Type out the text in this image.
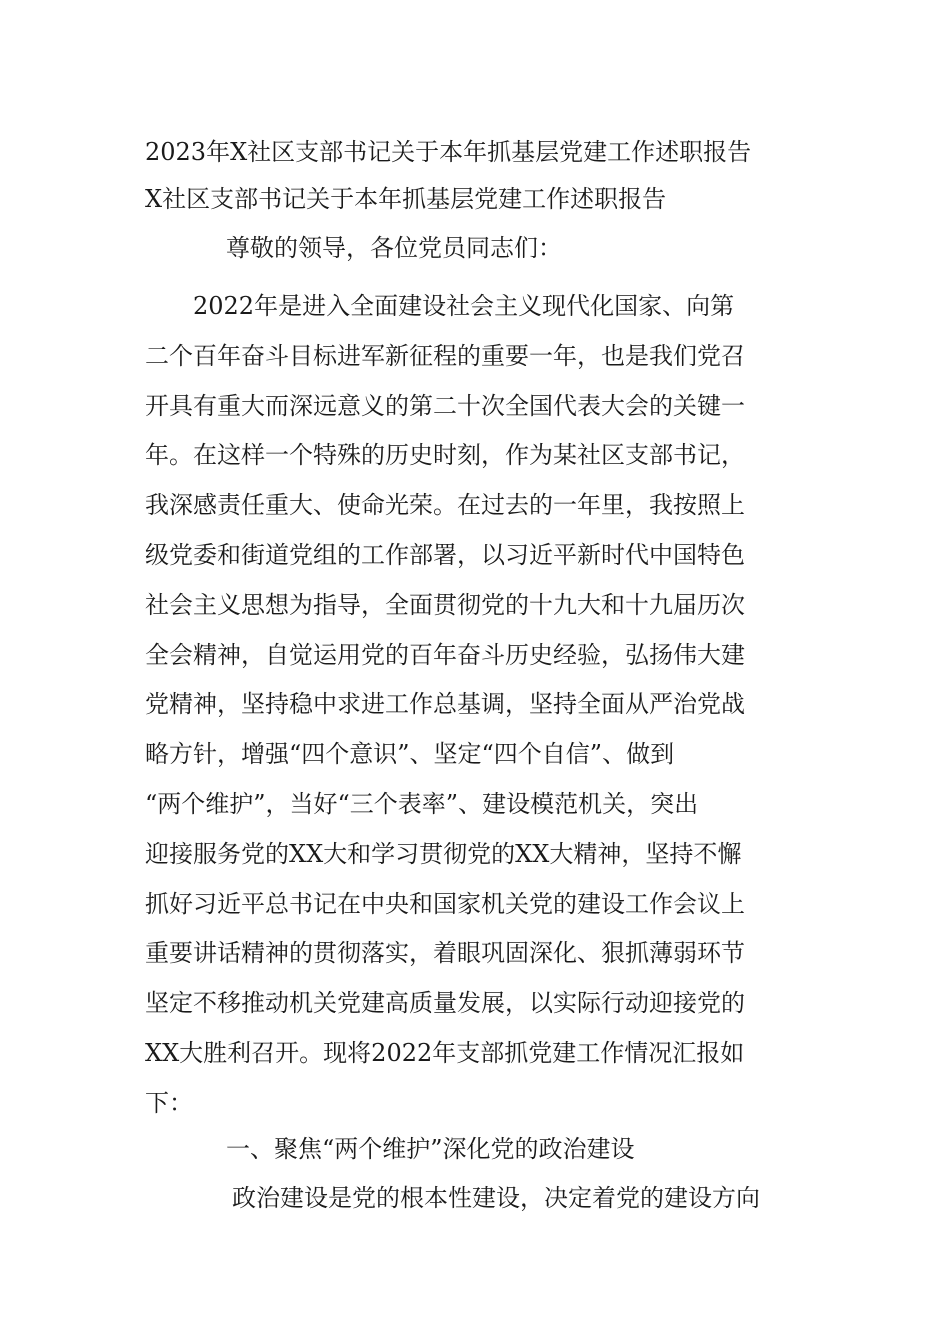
2023年X社区支部书记关于本年抓基层党建工作述职报告
X社区支部书记关于本年抓基层党建工作述职报告
尊敬的领导，各位党员同志们：
　　2022年是进入全面建设社会主义现代化国家、向第
二个百年奋斗目标进军新征程的重要一年，也是我们党召
开具有重大而深远意义的第二十次全国代表大会的关键一
年。在这样一个特殊的历史时刻，作为某社区支部书记，
我深感责任重大、使命光荣。在过去的一年里，我按照上
级党委和街道党组的工作部署，以习近平新时代中国特色
社会主义思想为指导，全面贯彻党的十九大和十九届历次
全会精神，自觉运用党的百年奋斗历史经验，弘扬伟大建
党精神，坚持稳中求进工作总基调，坚持全面从严治党战
略方针，增强“四个意识”、坚定“四个自信”、做到
“两个维护”，当好“三个表率”、建设模范机关，突出
迎接服务党的XX大和学习贯彻党的XX大精神，坚持不懈
抓好习近平总书记在中央和国家机关党的建设工作会议上
重要讲话精神的贯彻落实，着眼巩固深化、狠抓薄弱环节
坚定不移推动机关党建高质量发展，以实际行动迎接党的
XX大胜利召开。现将2022年支部抓党建工作情况汇报如
下：
一、聚焦“两个维护”深化党的政治建设
政治建设是党的根本性建设，决定着党的建设方向
